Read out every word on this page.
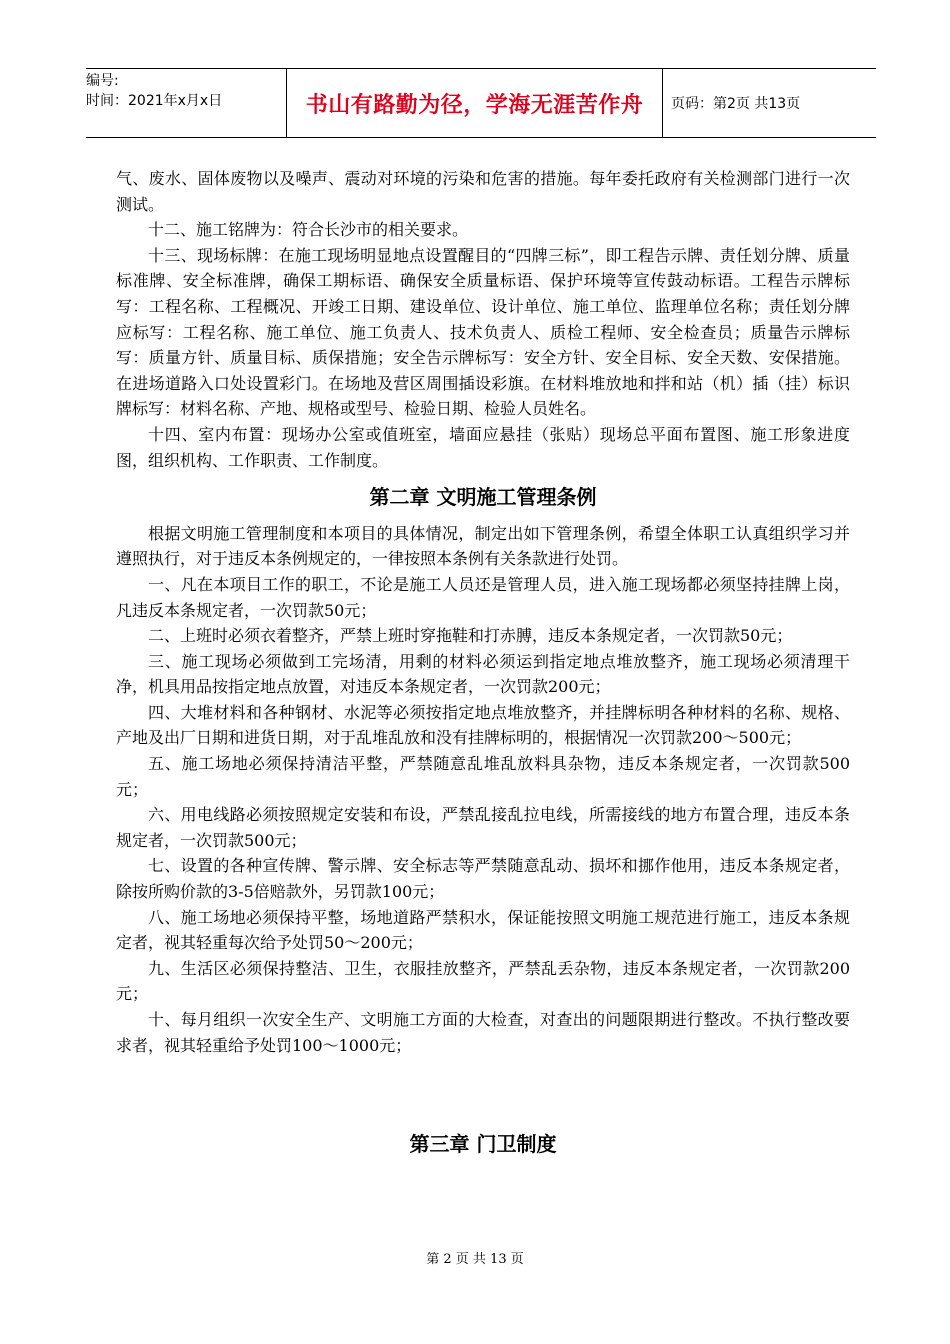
编号:
时间：2021年x月x日	书山有路勤为径，学海无涯苦作舟	页码：第2页 共13页

气、废水、固体废物以及噪声、震动对环境的污染和危害的措施。每年委托政府有关检测部门进行一次测试。

十二、施工铭牌为：符合长沙市的相关要求。

十三、现场标牌：在施工现场明显地点设置醒目的“四牌三标”，即工程告示牌、责任划分牌、质量标准牌、安全标准牌，确保工期标语、确保安全质量标语、保护环境等宣传鼓动标语。工程告示牌标写：工程名称、工程概况、开竣工日期、建设单位、设计单位、施工单位、监理单位名称；责任划分牌应标写：工程名称、施工单位、施工负责人、技术负责人、质检工程师、安全检查员；质量告示牌标写：质量方针、质量目标、质保措施；安全告示牌标写：安全方针、安全目标、安全天数、安保措施。在进场道路入口处设置彩门。在场地及营区周围插设彩旗。在材料堆放地和拌和站（机）插（挂）标识牌标写：材料名称、产地、规格或型号、检验日期、检验人员姓名。

十四、室内布置：现场办公室或值班室，墙面应悬挂（张贴）现场总平面布置图、施工形象进度图，组织机构、工作职责、工作制度。

第二章 文明施工管理条例

根据文明施工管理制度和本项目的具体情况，制定出如下管理条例，希望全体职工认真组织学习并遵照执行，对于违反本条例规定的，一律按照本条例有关条款进行处罚。

一、凡在本项目工作的职工，不论是施工人员还是管理人员，进入施工现场都必须坚持挂牌上岗，凡违反本条规定者，一次罚款50元；

二、上班时必须衣着整齐，严禁上班时穿拖鞋和打赤膊，违反本条规定者，一次罚款50元；

三、施工现场必须做到工完场清，用剩的材料必须运到指定地点堆放整齐，施工现场必须清理干净，机具用品按指定地点放置，对违反本条规定者，一次罚款200元；

四、大堆材料和各种钢材、水泥等必须按指定地点堆放整齐，并挂牌标明各种材料的名称、规格、产地及出厂日期和进货日期，对于乱堆乱放和没有挂牌标明的，根据情况一次罚款200～500元；

五、施工场地必须保持清洁平整，严禁随意乱堆乱放料具杂物，违反本条规定者，一次罚款500元；

六、用电线路必须按照规定安装和布设，严禁乱接乱拉电线，所需接线的地方布置合理，违反本条规定者，一次罚款500元；

七、设置的各种宣传牌、警示牌、安全标志等严禁随意乱动、损坏和挪作他用，违反本条规定者，除按所购价款的3-5倍赔款外，另罚款100元；

八、施工场地必须保持平整，场地道路严禁积水，保证能按照文明施工规范进行施工，违反本条规定者，视其轻重每次给予处罚50～200元；

九、生活区必须保持整洁、卫生，衣服挂放整齐，严禁乱丢杂物，违反本条规定者，一次罚款200元；

十、每月组织一次安全生产、文明施工方面的大检查，对查出的问题限期进行整改。不执行整改要求者，视其轻重给予处罚100～1000元；

第三章 门卫制度
第 2 页 共 13 页
